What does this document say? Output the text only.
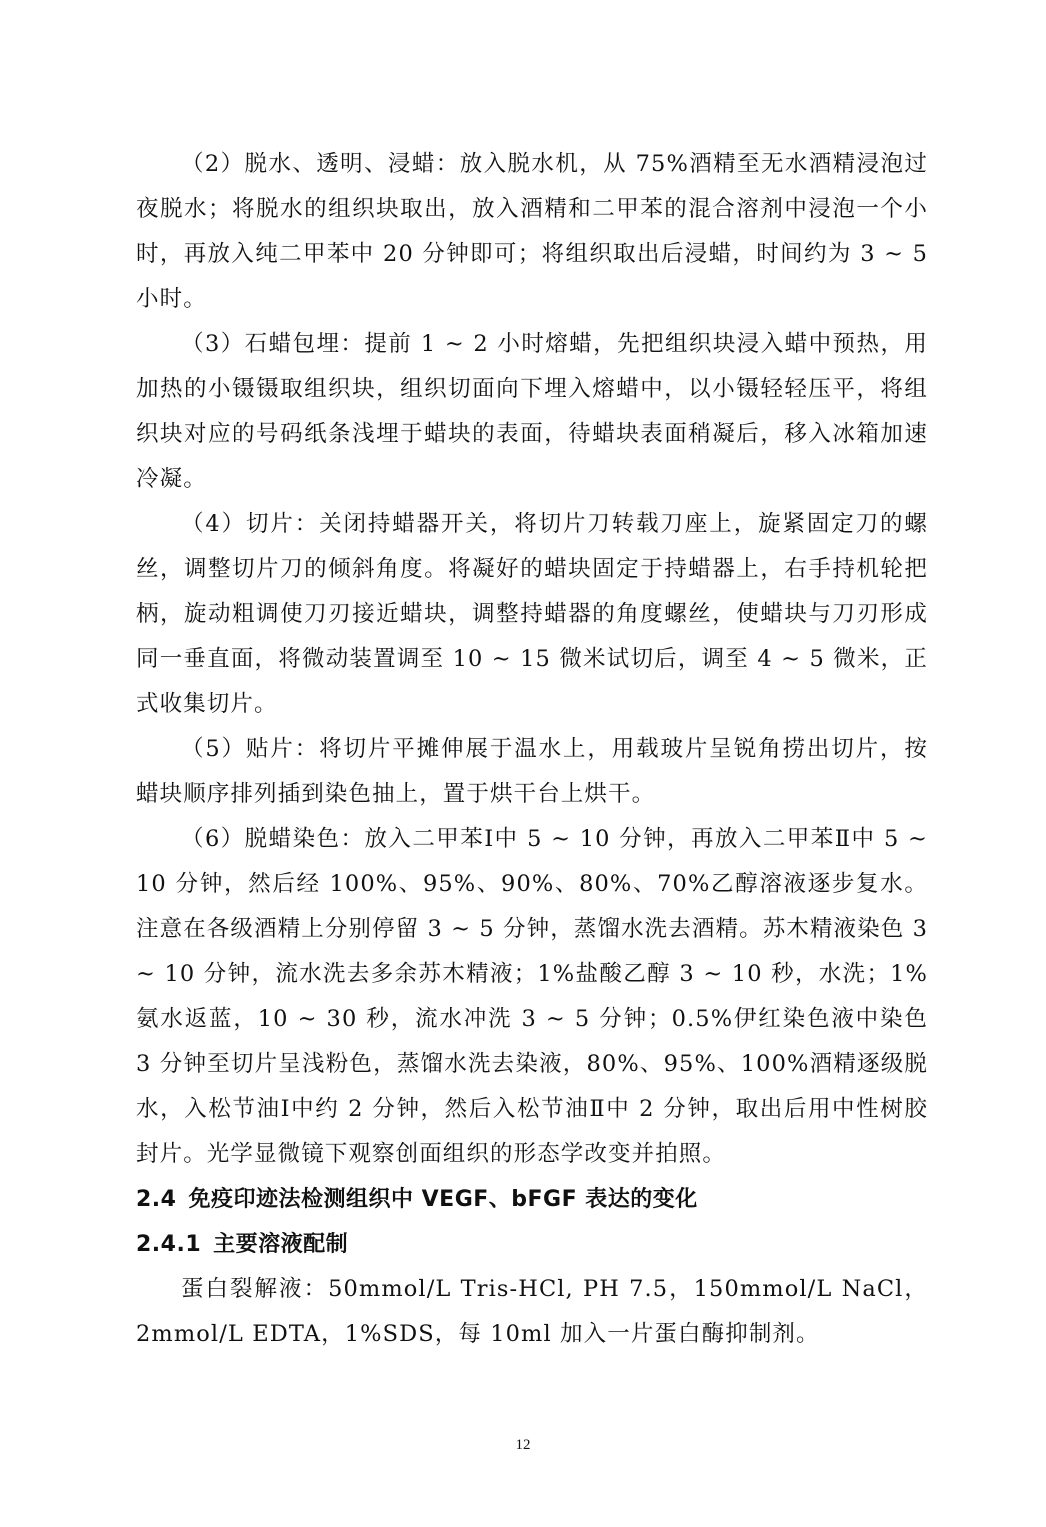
（2）脱水、透明、浸蜡：放入脱水机，从 75%酒精至无水酒精浸泡过夜脱水；将脱水的组织块取出，放入酒精和二甲苯的混合溶剂中浸泡一个小时，再放入纯二甲苯中 20 分钟即可；将组织取出后浸蜡，时间约为 3 ~ 5 小时。

（3）石蜡包埋：提前 1 ~ 2 小时熔蜡，先把组织块浸入蜡中预热，用加热的小镊镊取组织块，组织切面向下埋入熔蜡中，以小镊轻轻压平，将组织块对应的号码纸条浅埋于蜡块的表面，待蜡块表面稍凝后，移入冰箱加速冷凝。

（4）切片：关闭持蜡器开关，将切片刀转载刀座上，旋紧固定刀的螺丝，调整切片刀的倾斜角度。将凝好的蜡块固定于持蜡器上，右手持机轮把柄，旋动粗调使刀刃接近蜡块，调整持蜡器的角度螺丝，使蜡块与刀刃形成同一垂直面，将微动装置调至 10 ~ 15 微米试切后，调至 4 ~ 5 微米，正式收集切片。

（5）贴片：将切片平摊伸展于温水上，用载玻片呈锐角捞出切片，按蜡块顺序排列插到染色抽上，置于烘干台上烘干。

（6）脱蜡染色：放入二甲苯Ⅰ中 5 ~ 10 分钟，再放入二甲苯Ⅱ中 5 ~ 10 分钟，然后经 100%、95%、90%、80%、70%乙醇溶液逐步复水。注意在各级酒精上分别停留 3 ~ 5 分钟，蒸馏水洗去酒精。苏木精液染色 3 ~ 10 分钟，流水洗去多余苏木精液；1%盐酸乙醇 3 ~ 10 秒，水洗；1%氨水返蓝，10 ~ 30 秒，流水冲洗 3 ~ 5 分钟；0.5%伊红染色液中染色 3 分钟至切片呈浅粉色，蒸馏水洗去染液，80%、95%、100%酒精逐级脱水，入松节油Ⅰ中约 2 分钟，然后入松节油Ⅱ中 2 分钟，取出后用中性树胶封片。光学显微镜下观察创面组织的形态学改变并拍照。

2.4 免疫印迹法检测组织中 VEGF、bFGF 表达的变化
2.4.1 主要溶液配制

蛋白裂解液：50mmol/L Tris-HCl, PH 7.5，150mmol/L NaCl，2mmol/L EDTA，1%SDS，每 10ml 加入一片蛋白酶抑制剂。

12
